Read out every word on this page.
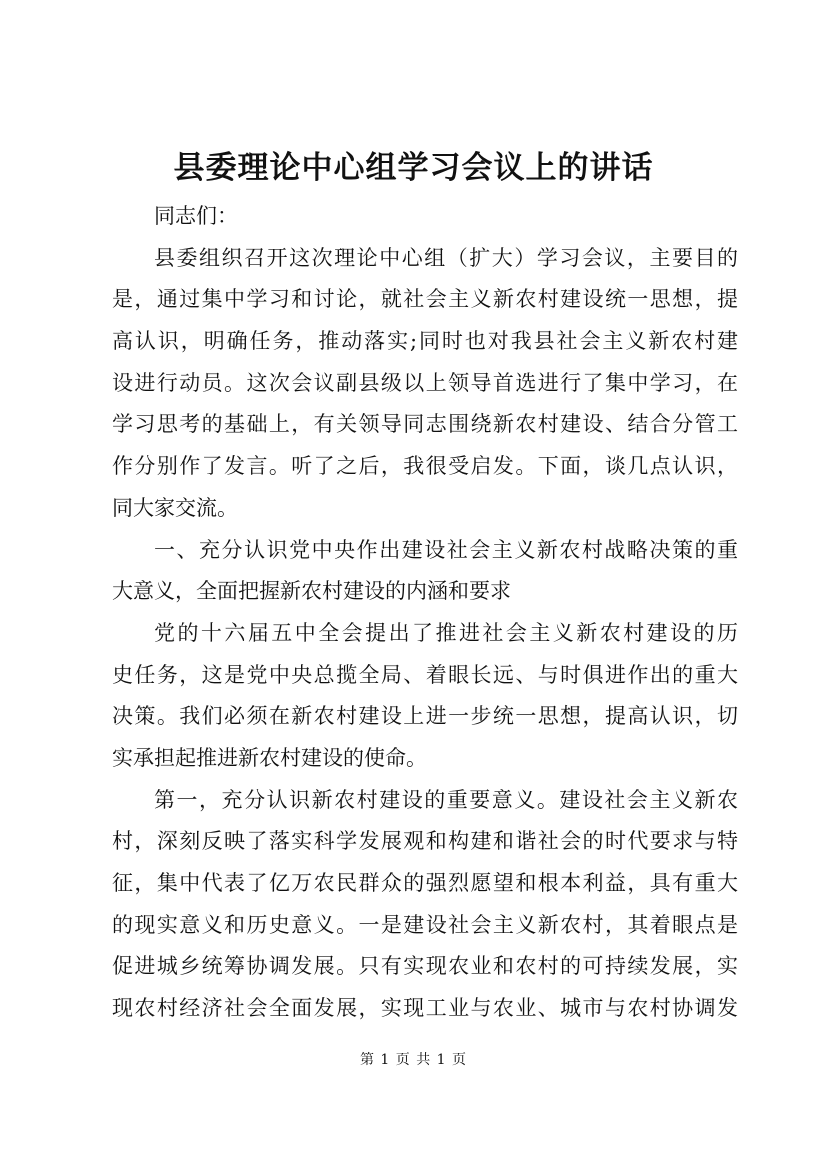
县委理论中心组学习会议上的讲话
同志们：
县委组织召开这次理论中心组（扩大）学习会议，主要目的
是，通过集中学习和讨论，就社会主义新农村建设统一思想，提
高认识，明确任务，推动落实;同时也对我县社会主义新农村建
设进行动员。这次会议副县级以上领导首选进行了集中学习，在
学习思考的基础上，有关领导同志围绕新农村建设、结合分管工
作分别作了发言。听了之后，我很受启发。下面，谈几点认识，
同大家交流。
一、充分认识党中央作出建设社会主义新农村战略决策的重
大意义，全面把握新农村建设的内涵和要求
党的十六届五中全会提出了推进社会主义新农村建设的历
史任务，这是党中央总揽全局、着眼长远、与时俱进作出的重大
决策。我们必须在新农村建设上进一步统一思想，提高认识，切
实承担起推进新农村建设的使命。
第一，充分认识新农村建设的重要意义。建设社会主义新农
村，深刻反映了落实科学发展观和构建和谐社会的时代要求与特
征，集中代表了亿万农民群众的强烈愿望和根本利益，具有重大
的现实意义和历史意义。一是建设社会主义新农村，其着眼点是
促进城乡统筹协调发展。只有实现农业和农村的可持续发展，实
现农村经济社会全面发展，实现工业与农业、城市与农村协调发
第 1 页 共 1 页
